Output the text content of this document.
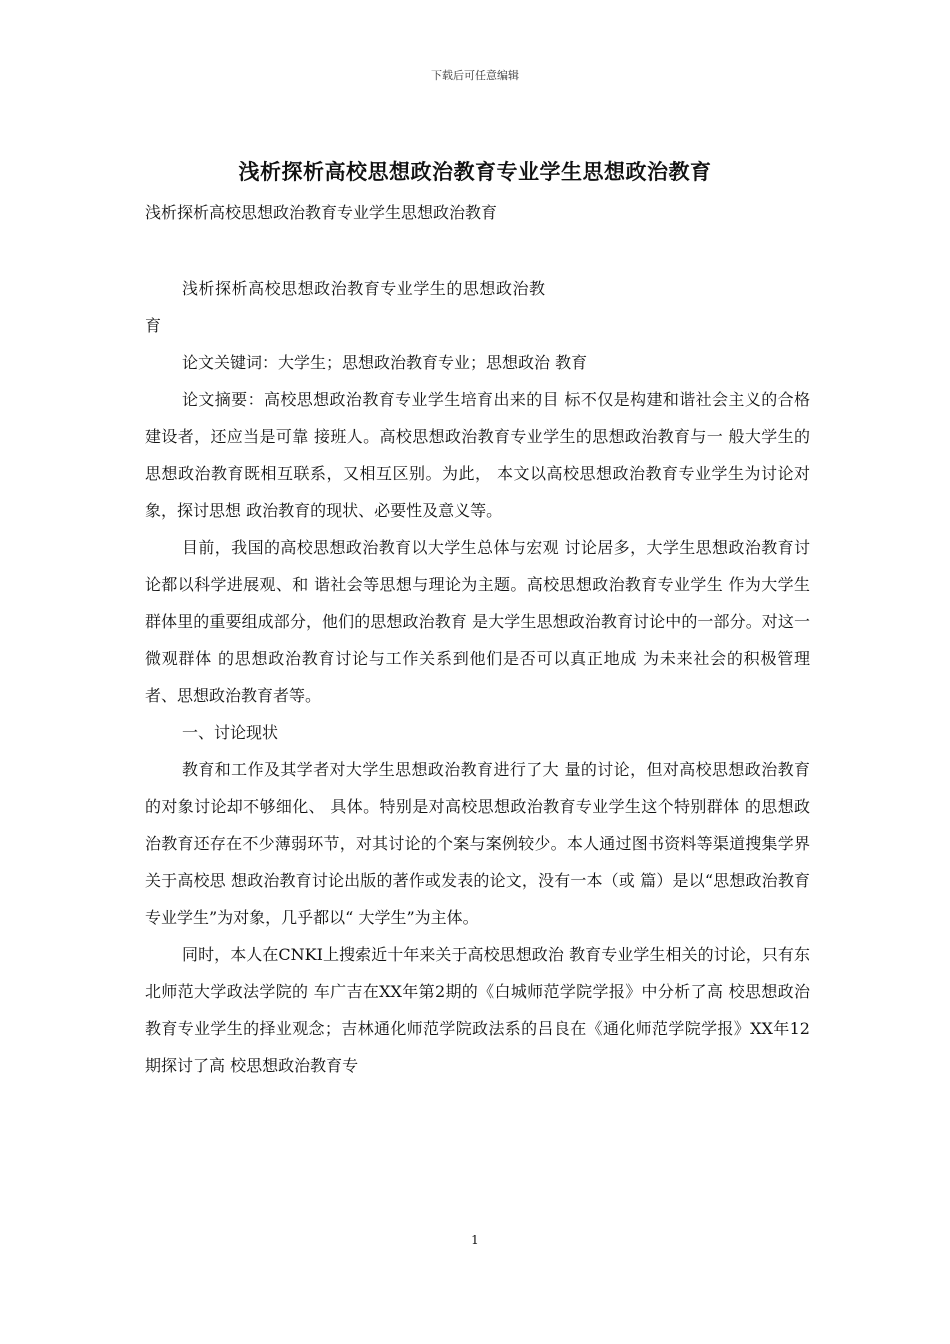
下载后可任意编辑
浅析探析高校思想政治教育专业学生思想政治教育
浅析探析高校思想政治教育专业学生思想政治教育

浅析探析高校思想政治教育专业学生的思想政治教育

论文关键词：大学生；思想政治教育专业；思想政治 教育

论文摘要：高校思想政治教育专业学生培育出来的目 标不仅是构建和谐社会主义的合格建设者，还应当是可靠 接班人。高校思想政治教育专业学生的思想政治教育与一 般大学生的思想政治教育既相互联系，又相互区别。为此， 本文以高校思想政治教育专业学生为讨论对象，探讨思想 政治教育的现状、必要性及意义等。

目前，我国的高校思想政治教育以大学生总体与宏观 讨论居多，大学生思想政治教育讨论都以科学进展观、和 谐社会等思想与理论为主题。高校思想政治教育专业学生 作为大学生群体里的重要组成部分，他们的思想政治教育 是大学生思想政治教育讨论中的一部分。对这一微观群体 的思想政治教育讨论与工作关系到他们是否可以真正地成 为未来社会的积极管理者、思想政治教育者等。

一、讨论现状

教育和工作及其学者对大学生思想政治教育进行了大 量的讨论，但对高校思想政治教育的对象讨论却不够细化、 具体。特别是对高校思想政治教育专业学生这个特别群体 的思想政治教育还存在不少薄弱环节，对其讨论的个案与案例较少。本人通过图书资料等渠道搜集学界关于高校思 想政治教育讨论出版的著作或发表的论文，没有一本（或 篇）是以“思想政治教育专业学生”为对象，几乎都以“ 大学生”为主体。

同时，本人在CNKI上搜索近十年来关于高校思想政治 教育专业学生相关的讨论，只有东北师范大学政法学院的 车广吉在XX年第2期的《白城师范学院学报》中分析了高 校思想政治教育专业学生的择业观念；吉林通化师范学院政法系的吕良在《通化师范学院学报》XX年12期探讨了高 校思想政治教育专

1
